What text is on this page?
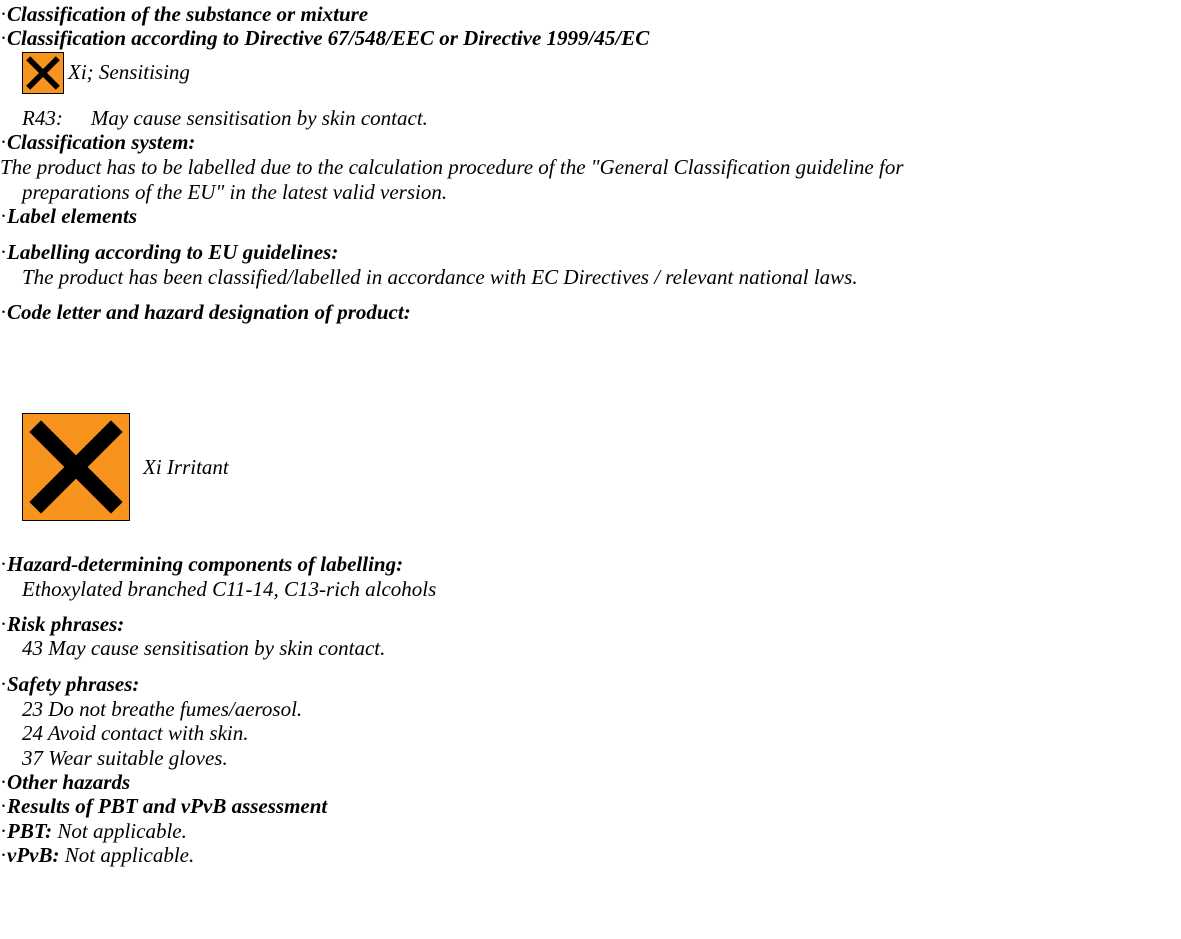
·Classification of the substance or mixture
·Classification according to Directive 67/548/EEC or Directive 1999/45/EC
Xi; Sensitising
R43: May cause sensitisation by skin contact.
·Classification system:
The product has to be labelled due to the calculation procedure of the "General Classification guideline for
preparations of the EU" in the latest valid version.
·Label elements
·Labelling according to EU guidelines:
The product has been classified/labelled in accordance with EC Directives / relevant national laws.
·Code letter and hazard designation of product:
Xi Irritant
·Hazard-determining components of labelling:
Ethoxylated branched C11-14, C13-rich alcohols
·Risk phrases:
43 May cause sensitisation by skin contact.
·Safety phrases:
23 Do not breathe fumes/aerosol.
24 Avoid contact with skin.
37 Wear suitable gloves.
·Other hazards
·Results of PBT and vPvB assessment
·PBT: Not applicable.
·vPvB: Not applicable.
